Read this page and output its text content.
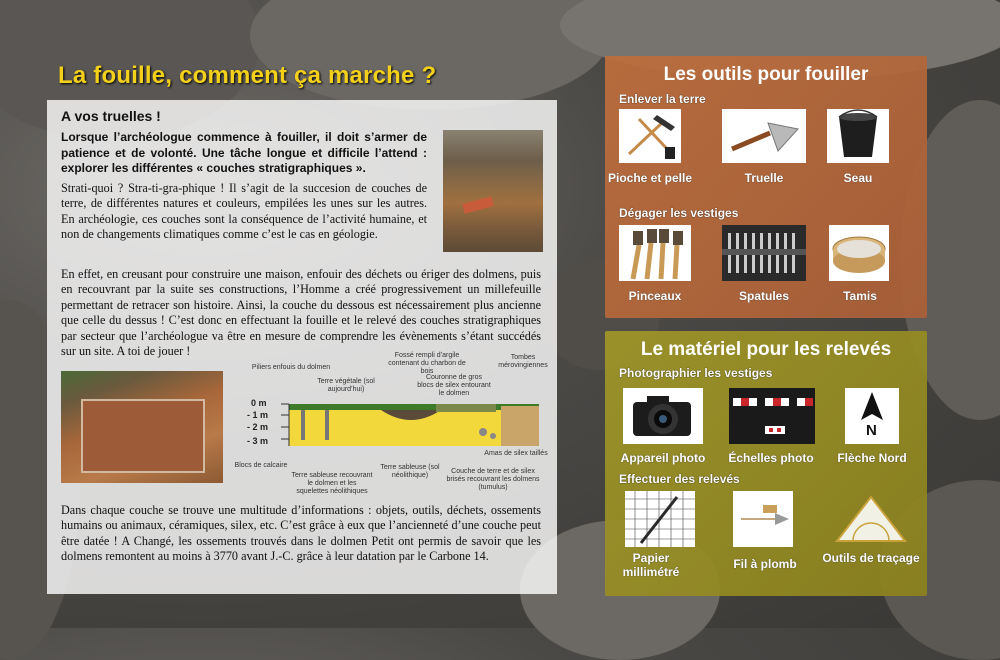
La fouille, comment ça marche ?
A vos truelles !
Lorsque l’archéologue commence à fouiller, il doit s’armer de patience et de volonté. Une tâche longue et difficile l’attend : explorer les différentes « couches stratigraphiques ».
Strati-quoi ? Stra-ti-gra-phique ! Il s’agit de la succesion de couches de terre, de différentes natures et couleurs, empilées les unes sur les autres. En archéologie, ces couches sont la conséquence de l’activité humaine, et non de changements climatiques comme c’est le cas en géologie.
En effet, en creusant pour construire une maison, enfouir des déchets ou ériger des dolmens, puis en recouvrant par la suite ses constructions, l’Homme a créé progressivement un millefeuille permettant de retracer son histoire. Ainsi, la couche du dessous est nécessairement plus ancienne que celle du dessus ! C’est donc en effectuant la fouille et le relevé des couches stratigraphiques par secteur que l’archéologue va être en mesure de comprendre les évènements s’étant succédés sur un site. A toi de jouer !
0 m
- 1 m
- 2 m
- 3 m
Piliers enfouis du dolmen
Terre végétale (sol aujourd’hui)
Fossé rempli d’argile contenant du charbon de bois
Couronne de gros blocs de silex entourant le dolmen
Tombes mérovingiennes
Amas de silex taillés
Blocs de calcaire
Terre sableuse recouvrant le dolmen et les squelettes néolithiques
Terre sableuse (sol néolithique)
Couche de terre et de silex brisés recouvrant les dolmens (tumulus)
Dans chaque couche se trouve une multitude d’informations : objets, outils, déchets, ossements humains ou animaux, céramiques, silex, etc. C’est grâce à eux que l’ancienneté d’une couche peut être datée ! A Changé, les ossements trouvés dans le dolmen Petit ont permis de savoir que les dolmens remontent au moins à 3770 avant J.-C. grâce à leur datation par le Carbone 14.
Les outils pour fouiller
Enlever la terre
Dégager les vestiges
Pioche et pelle	Truelle	Seau
Pinceaux	Spatules	Tamis
Le matériel pour les relevés
Photographier les vestiges
Effectuer des relevés
N
Appareil photo	Échelles photo	Flèche Nord
Papier millimétré
Fil à plomb	Outils de traçage
